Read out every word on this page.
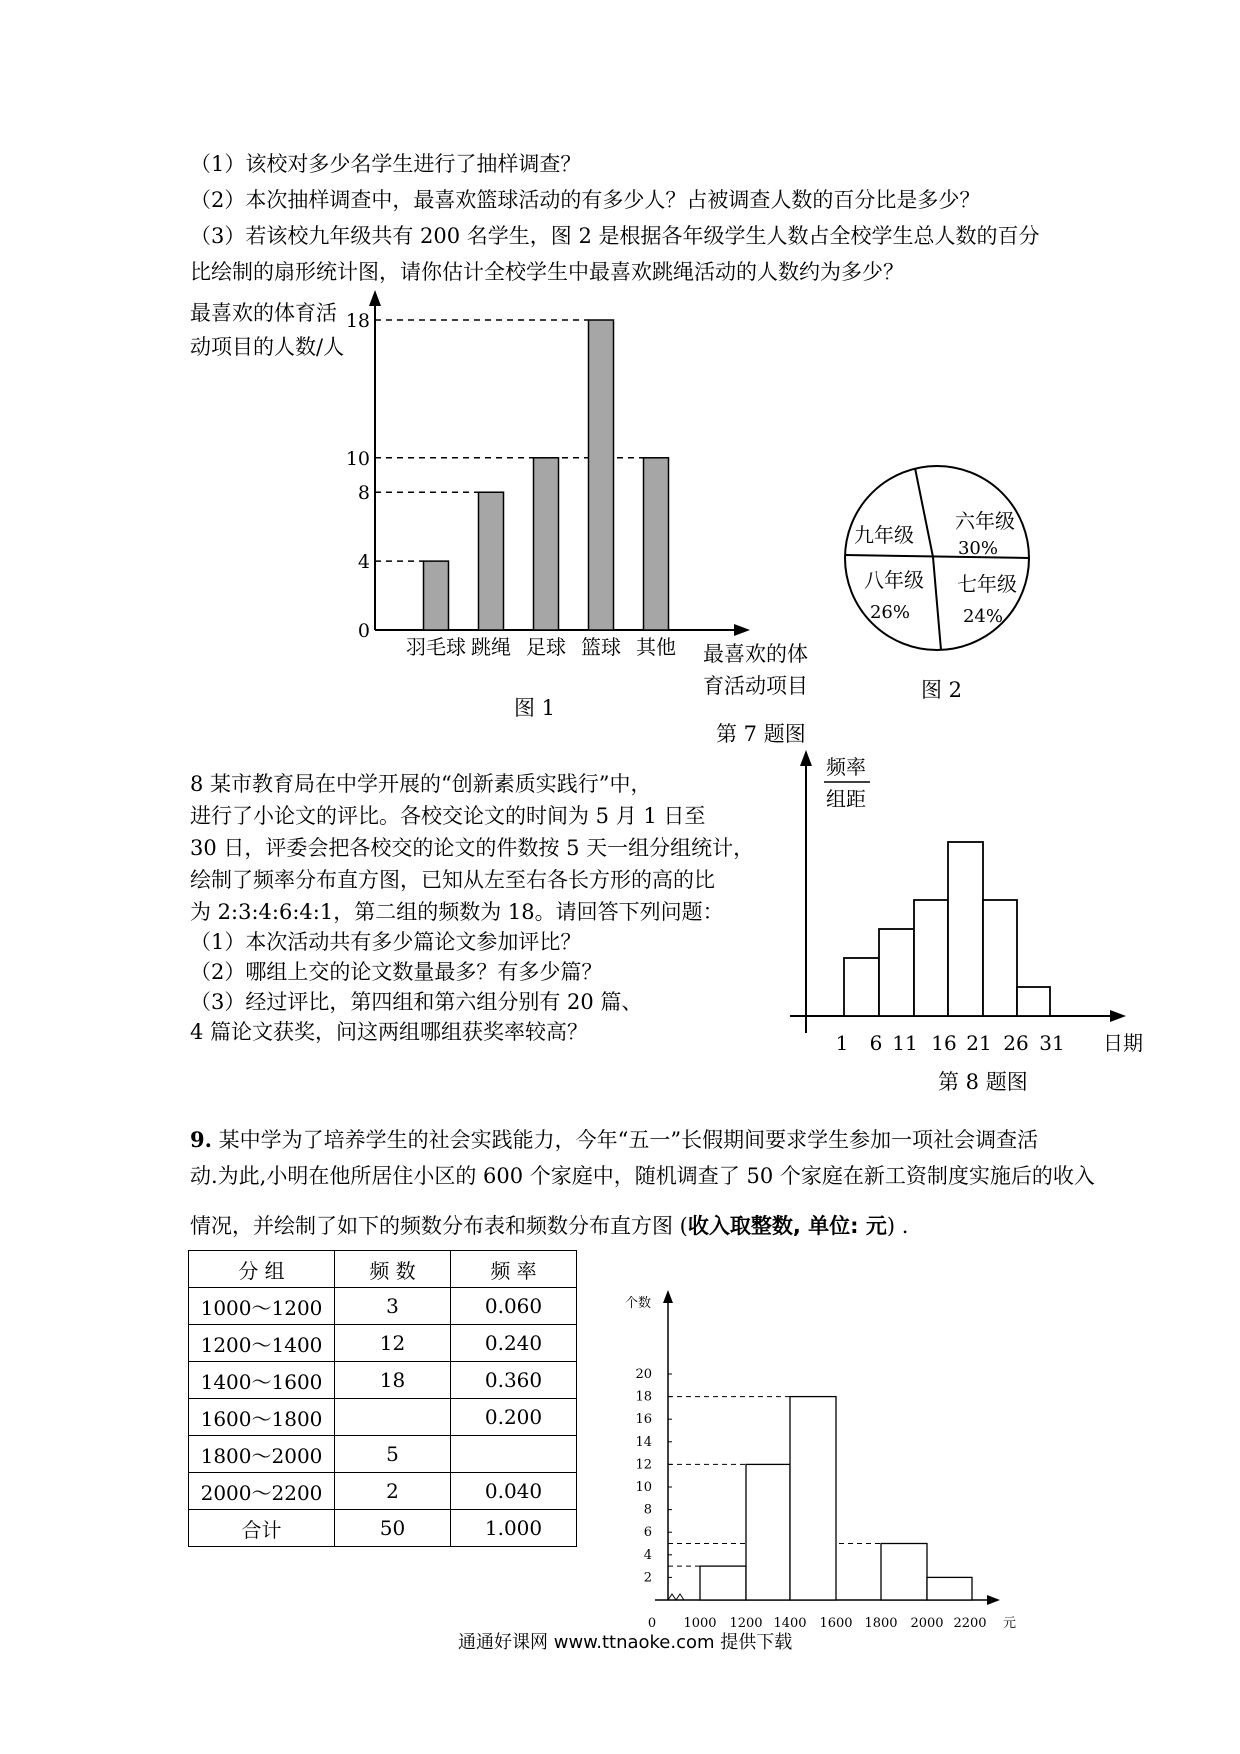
（1）该校对多少名学生进行了抽样调查？
（2）本次抽样调查中，最喜欢篮球活动的有多少人？占被调查人数的百分比是多少？
（3）若该校九年级共有 200 名学生，图 2 是根据各年级学生人数占全校学生总人数的百分
比绘制的扇形统计图，请你估计全校学生中最喜欢跳绳活动的人数约为多少？
最喜欢的体育活
动项目的人数/人
0
4
8
10
18
羽毛球 跳绳 足球 篮球 其他 最喜欢的体
育活动项目
图 1
第 7 题图
六年级
30%
七年级
24%
八年级
26%
九年级
图 2
8 某市教育局在中学开展的“创新素质实践行”中，
进行了小论文的评比。各校交论文的时间为 5 月 1 日至
30 日，评委会把各校交的论文的件数按 5 天一组分组统计，
绘制了频率分布直方图，已知从左至右各长方形的高的比
为 2:3:4:6:4:1，第二组的频数为 18。请回答下列问题：
（1）本次活动共有多少篇论文参加评比？
（2）哪组上交的论文数量最多？有多少篇？
（3）经过评比，第四组和第六组分别有 20 篇、
4 篇论文获奖，问这两组哪组获奖率较高？
频率
组距
1 6 11 16 21 26 31 日期
第 8 题图
9. 某中学为了培养学生的社会实践能力，今年“五一”长假期间要求学生参加一项社会调查活
动.为此,小明在他所居住小区的 600 个家庭中，随机调查了 50 个家庭在新工资制度实施后的收入
情况，并绘制了如下的频数分布表和频数分布直方图 (收入取整数, 单位: 元) .
分 组	频 数	频 率
1000～1200	3	0.060
1200～1400	12	0.240
1400～1600	18	0.360
1600～1800		0.200
1800～2000	5	
2000～2200	2	0.040
合计	50	1.000
个数
2
4
6
8
10
12
14
16
18
20
0 1000 1200 1400 1600 1800 2000 2200 元
通通好课网 www.ttnaoke.com 提供下载
